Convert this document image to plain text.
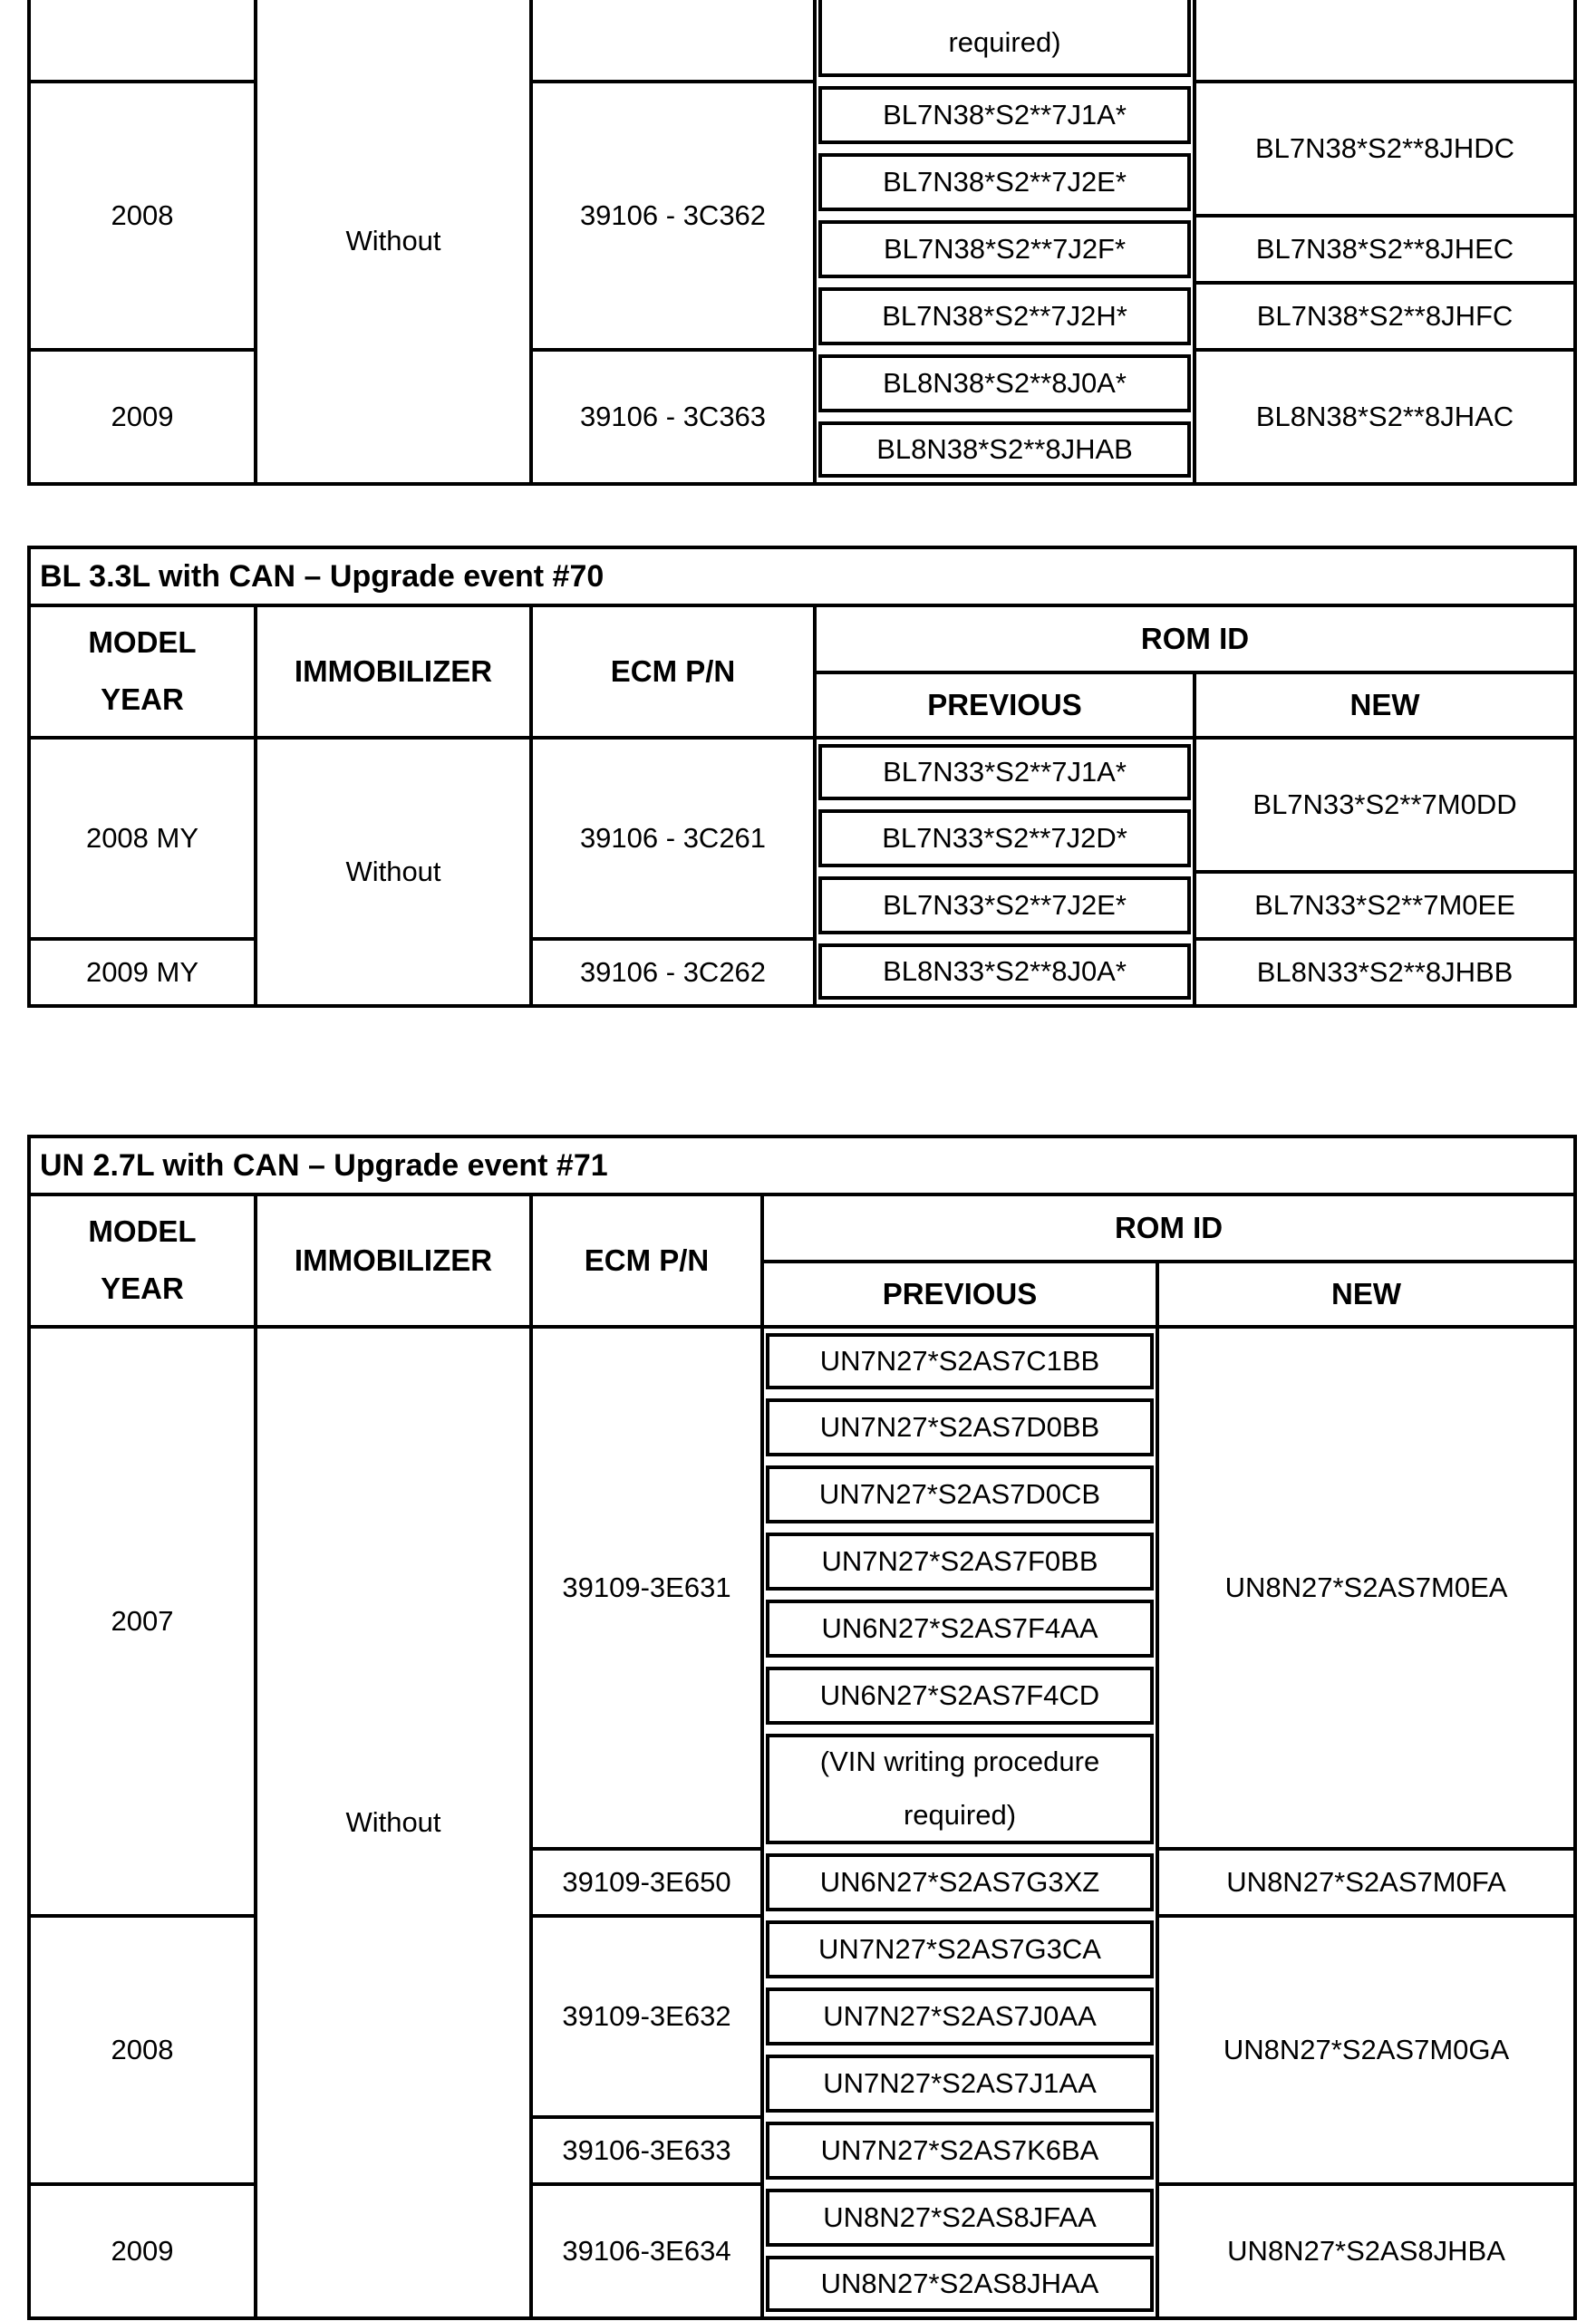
	Without		required)	

2008		39106 - 3C362	BL7N38*S2**7J1A*	BL7N38*S2**8JHDC

BL7N38*S2**7J2E*	

BL7N38*S2**7J2F*	BL7N38*S2**8JHEC

BL7N38*S2**7J2H*	BL7N38*S2**8JHFC
2009		39106 - 3C363	BL8N38*S2**8J0A*	BL8N38*S2**8JHAC

BL8N38*S2**8JHAB	
BL 3.3L with CAN – Upgrade event #70				

MODEL YEAR	IMMOBILIZER	ECM P/N	ROM ID	
			PREVIOUS	NEW
2008 MY	Without	39106 - 3C261	BL7N33*S2**7J1A*	BL7N33*S2**7M0DD

BL7N33*S2**7J2D*	

BL7N33*S2**7J2E*	BL7N33*S2**7M0EE
2009 MY		39106 - 3C262	BL8N33*S2**8J0A*	BL8N33*S2**8JHBB
UN 2.7L with CAN – Upgrade event #71				

MODEL YEAR	IMMOBILIZER	ECM P/N	ROM ID	
			PREVIOUS	NEW
2007	Without	39109-3E631	UN7N27*S2AS7C1BB	UN8N27*S2AS7M0EA

UN7N27*S2AS7D0BB	

UN7N27*S2AS7D0CB	

UN7N27*S2AS7F0BB	

UN6N27*S2AS7F4AA	

UN6N27*S2AS7F4CD	

(VIN writing procedure required)	

		39109-3E650	UN6N27*S2AS7G3XZ	UN8N27*S2AS7M0FA
2008		39109-3E632	UN7N27*S2AS7G3CA	UN8N27*S2AS7M0GA

UN7N27*S2AS7J0AA	

UN7N27*S2AS7J1AA	

		39106-3E633	UN7N27*S2AS7K6BA	

2009		39106-3E634	UN8N27*S2AS8JFAA	UN8N27*S2AS8JHBA

UN8N27*S2AS8JHAA	
